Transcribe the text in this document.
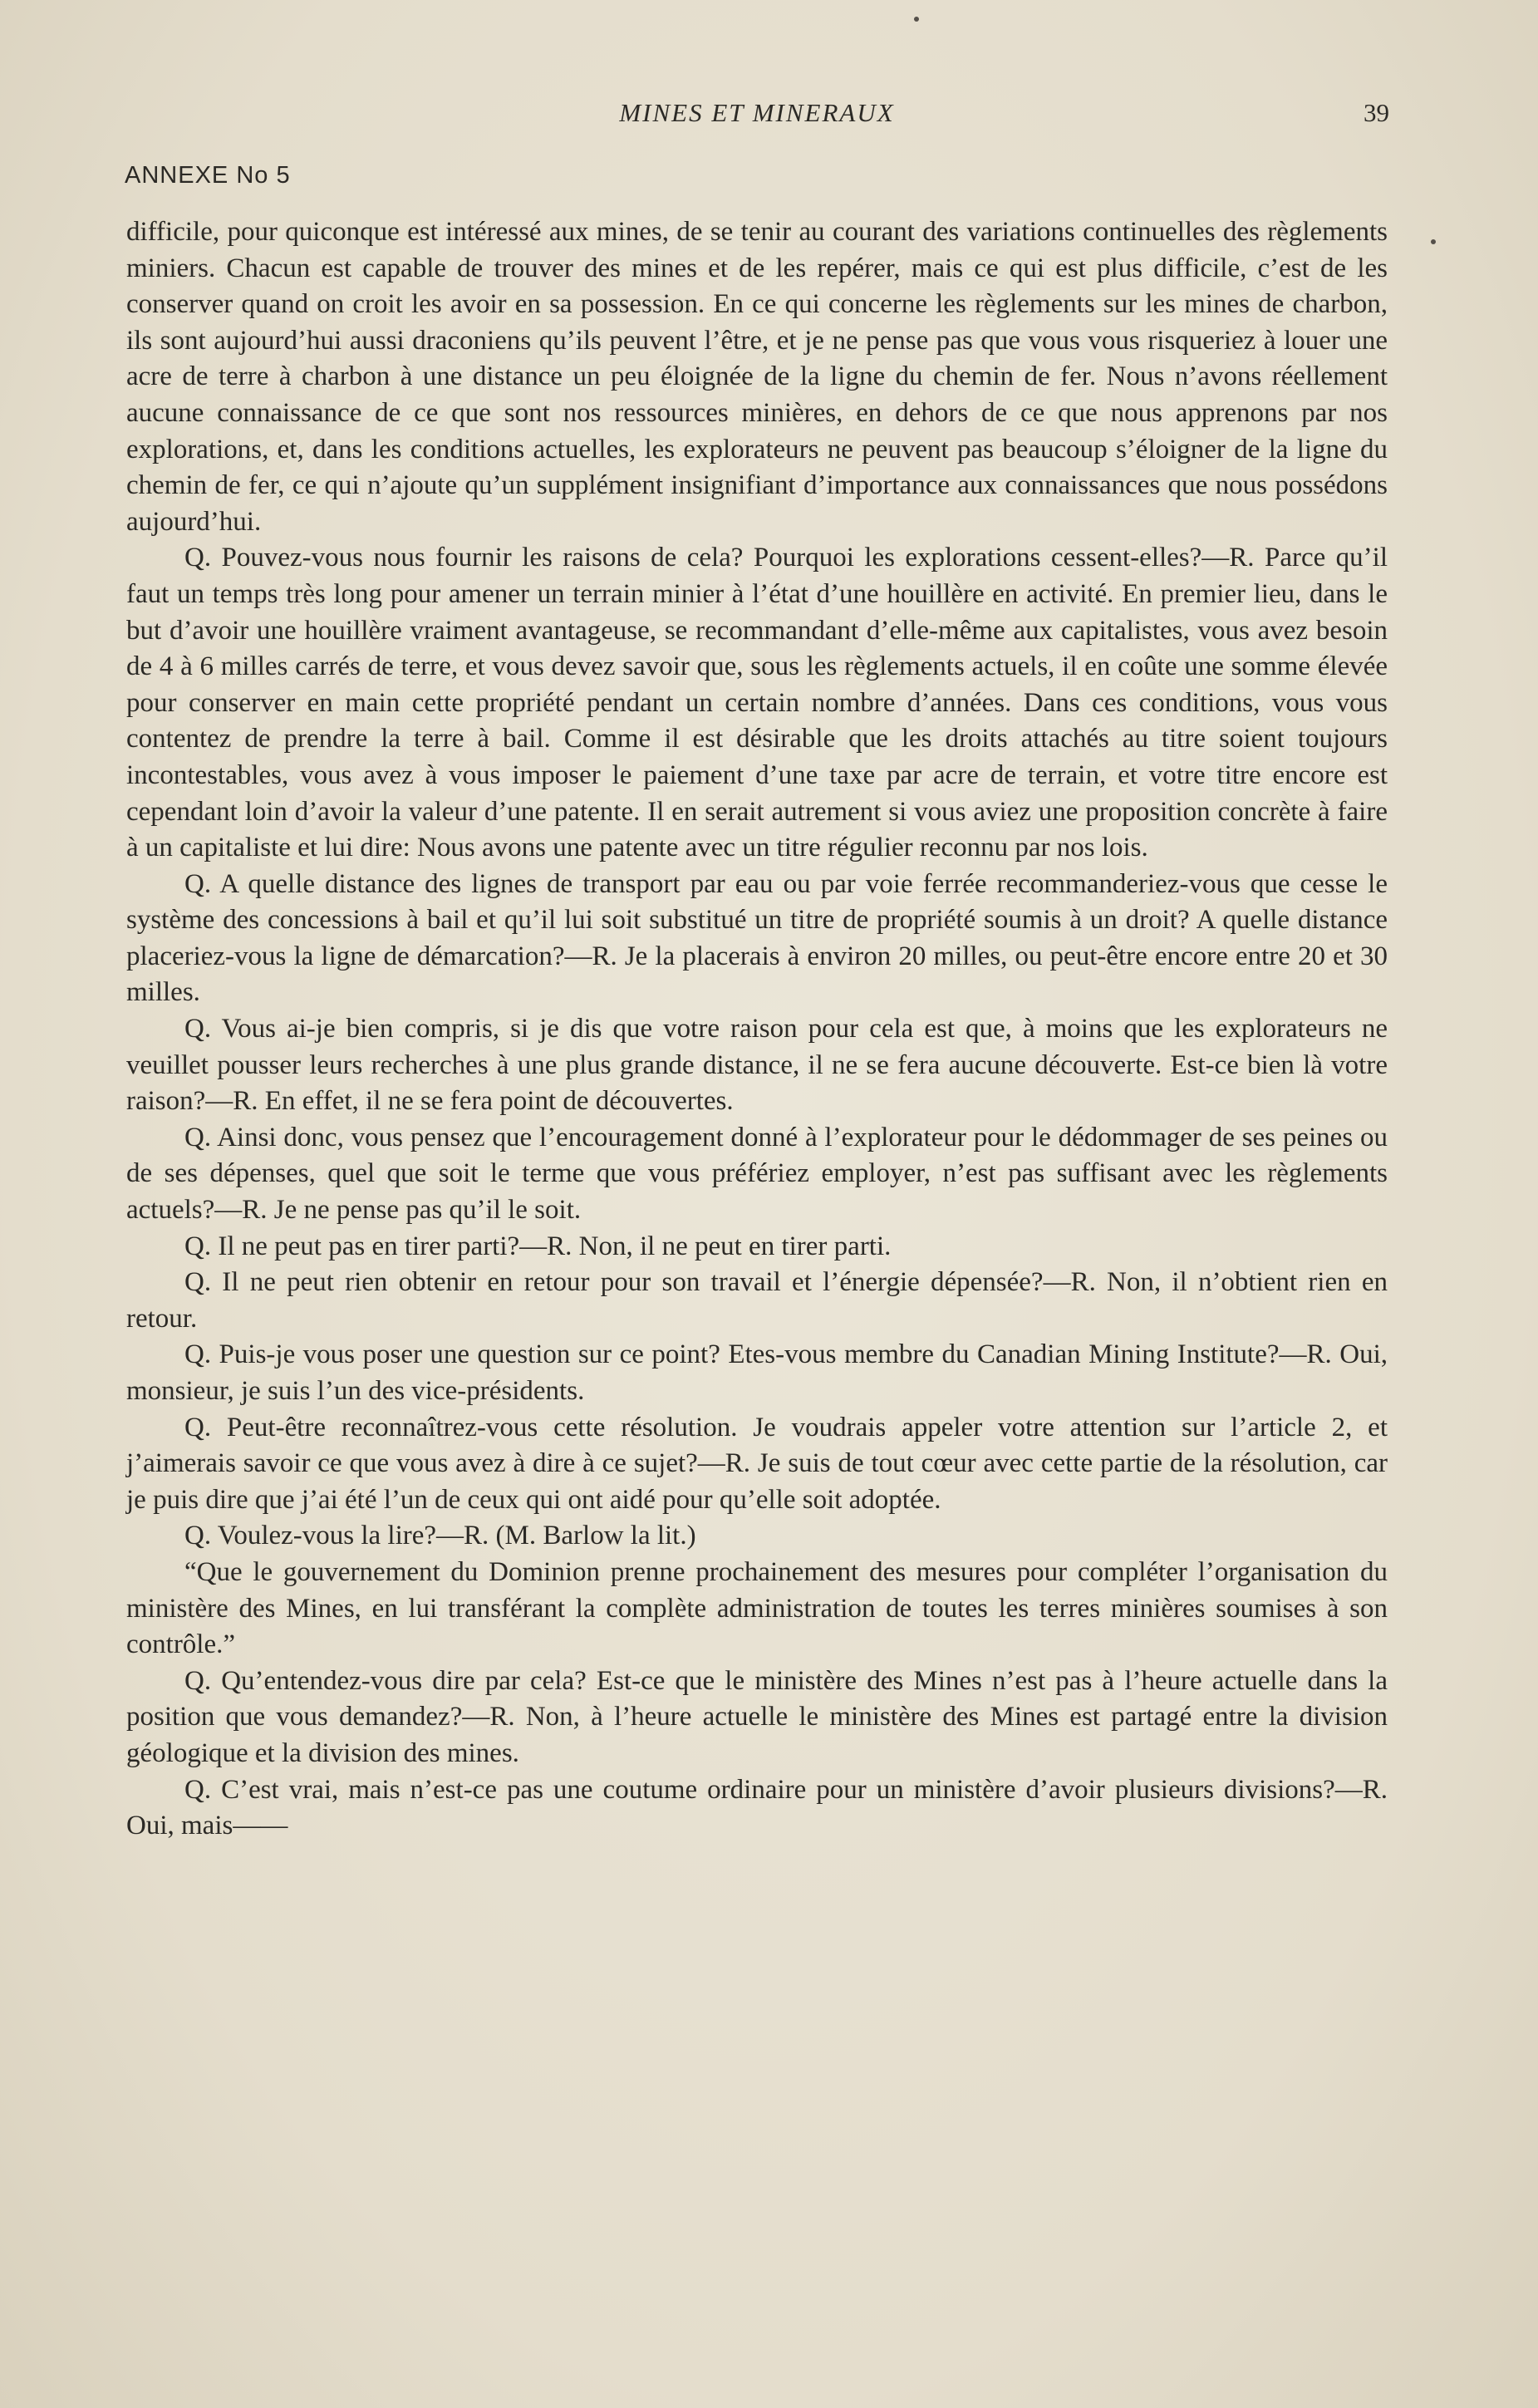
MINES ET MINERAUX	39
ANNEXE No 5

difficile, pour quiconque est intéressé aux mines, de se tenir au courant des variations continuelles des règlements miniers. Chacun est capable de trouver des mines et de les repérer, mais ce qui est plus difficile, c’est de les conserver quand on croit les avoir en sa possession. En ce qui concerne les règlements sur les mines de charbon, ils sont aujourd’hui aussi draconiens qu’ils peuvent l’être, et je ne pense pas que vous vous risqueriez à louer une acre de terre à charbon à une distance un peu éloignée de la ligne du chemin de fer. Nous n’avons réellement aucune connaissance de ce que sont nos ressources minières, en dehors de ce que nous apprenons par nos explorations, et, dans les conditions actuelles, les explorateurs ne peuvent pas beaucoup s’éloigner de la ligne du chemin de fer, ce qui n’ajoute qu’un supplément insignifiant d’importance aux connaissances que nous possédons aujourd’hui.

Q. Pouvez-vous nous fournir les raisons de cela? Pourquoi les explorations cessent-elles?—R. Parce qu’il faut un temps très long pour amener un terrain minier à l’état d’une houillère en activité. En premier lieu, dans le but d’avoir une houillère vraiment avantageuse, se recommandant d’elle-même aux capitalistes, vous avez besoin de 4 à 6 milles carrés de terre, et vous devez savoir que, sous les règlements actuels, il en coûte une somme élevée pour conserver en main cette propriété pendant un certain nombre d’années. Dans ces conditions, vous vous contentez de prendre la terre à bail. Comme il est désirable que les droits attachés au titre soient toujours incontestables, vous avez à vous imposer le paiement d’une taxe par acre de terrain, et votre titre encore est cependant loin d’avoir la valeur d’une patente. Il en serait autrement si vous aviez une proposition concrète à faire à un capitaliste et lui dire: Nous avons une patente avec un titre régulier reconnu par nos lois.

Q. A quelle distance des lignes de transport par eau ou par voie ferrée recommanderiez-vous que cesse le système des concessions à bail et qu’il lui soit substitué un titre de propriété soumis à un droit? A quelle distance placeriez-vous la ligne de démarcation?—R. Je la placerais à environ 20 milles, ou peut-être encore entre 20 et 30 milles.

Q. Vous ai-je bien compris, si je dis que votre raison pour cela est que, à moins que les explorateurs ne veuillet pousser leurs recherches à une plus grande distance, il ne se fera aucune découverte. Est-ce bien là votre raison?—R. En effet, il ne se fera point de découvertes.

Q. Ainsi donc, vous pensez que l’encouragement donné à l’explorateur pour le dédommager de ses peines ou de ses dépenses, quel que soit le terme que vous préfériez employer, n’est pas suffisant avec les règlements actuels?—R. Je ne pense pas qu’il le soit.

Q. Il ne peut pas en tirer parti?—R. Non, il ne peut en tirer parti.

Q. Il ne peut rien obtenir en retour pour son travail et l’énergie dépensée?—R. Non, il n’obtient rien en retour.

Q. Puis-je vous poser une question sur ce point? Etes-vous membre du Canadian Mining Institute?—R. Oui, monsieur, je suis l’un des vice-présidents.

Q. Peut-être reconnaîtrez-vous cette résolution. Je voudrais appeler votre attention sur l’article 2, et j’aimerais savoir ce que vous avez à dire à ce sujet?—R. Je suis de tout cœur avec cette partie de la résolution, car je puis dire que j’ai été l’un de ceux qui ont aidé pour qu’elle soit adoptée.

Q. Voulez-vous la lire?—R. (M. Barlow la lit.)

“Que le gouvernement du Dominion prenne prochainement des mesures pour compléter l’organisation du ministère des Mines, en lui transférant la complète administration de toutes les terres minières soumises à son contrôle.”

Q. Qu’entendez-vous dire par cela? Est-ce que le ministère des Mines n’est pas à l’heure actuelle dans la position que vous demandez?—R. Non, à l’heure actuelle le ministère des Mines est partagé entre la division géologique et la division des mines.

Q. C’est vrai, mais n’est-ce pas une coutume ordinaire pour un ministère d’avoir plusieurs divisions?—R. Oui, mais——
